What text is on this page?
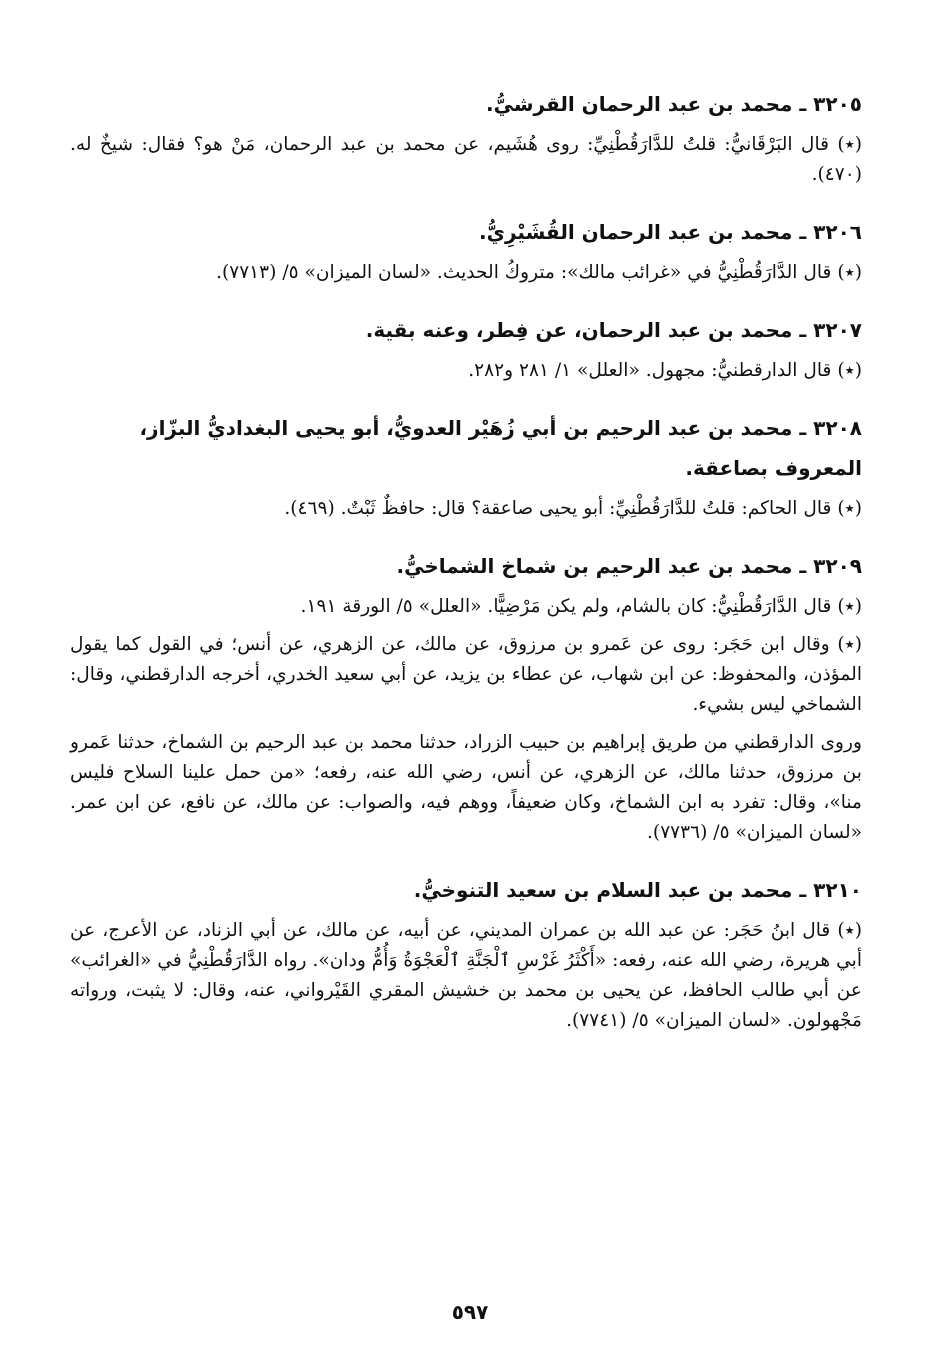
٣٢٠٥ ـ محمد بن عبد الرحمان القرشيُّ.

(٭) قال البَرْقَانيُّ: قلتُ للدَّارَقُطْنِيِّ: روى هُشَيم، عن محمد بن عبد الرحمان، مَنْ هو؟ فقال: شيخٌ له. (٤٧٠).

٣٢٠٦ ـ محمد بن عبد الرحمان القُشَيْرِيُّ.

(٭) قال الدَّارَقُطْنِيُّ في «غرائب مالك»: متروكُ الحديث. «لسان الميزان» ٥/ (٧٧١٣).

٣٢٠٧ ـ محمد بن عبد الرحمان، عن فِطر، وعنه بقية.

(٭) قال الدارقطنيُّ: مجهول. «العلل» ١/ ٢٨١ و٢٨٢.

٣٢٠٨ ـ محمد بن عبد الرحيم بن أبي زُهَيْر العدويُّ، أبو يحيى البغداديُّ البزّاز، المعروف بصاعقة.

(٭) قال الحاكم: قلتُ للدَّارَقُطْنِيِّ: أبو يحيى صاعقة؟ قال: حافظٌ ثَبْتٌ. (٤٦٩).

٣٢٠٩ ـ محمد بن عبد الرحيم بن شماخ الشماخيُّ.

(٭) قال الدَّارَقُطْنِيُّ: كان بالشام، ولم يكن مَرْضِيًّا. «العلل» ٥/ الورقة ١٩١.

(٭) وقال ابن حَجَر: روى عن عَمرو بن مرزوق، عن مالك، عن الزهري، عن أنس؛ في القول كما يقول المؤذن، والمحفوظ: عن ابن شهاب، عن عطاء بن يزيد، عن أبي سعيد الخدري، أخرجه الدارقطني، وقال: الشماخي ليس بشيء.

وروى الدارقطني من طريق إبراهيم بن حبيب الزراد، حدثنا محمد بن عبد الرحيم بن الشماخ، حدثنا عَمرو بن مرزوق، حدثنا مالك، عن الزهري، عن أنس، رضي الله عنه، رفعه؛ «من حمل علينا السلاح فليس منا»، وقال: تفرد به ابن الشماخ، وكان ضعيفاً، ووهم فيه، والصواب: عن مالك، عن نافع، عن ابن عمر. «لسان الميزان» ٥/ (٧٧٣٦).

٣٢١٠ ـ محمد بن عبد السلام بن سعيد التنوخيُّ.

(٭) قال ابنُ حَجَر: عن عبد الله بن عمران المديني، عن أبيه، عن مالك، عن أبي الزناد، عن الأعرج، عن أبي هريرة، رضي الله عنه، رفعه: «أَكْثَرُ غَرْسِ ٱلْجَنَّةِ ٱلْعَجْوَةُ وَأُمُّ ودان». رواه الدَّارَقُطْنِيُّ في «الغرائب» عن أبي طالب الحافظ، عن يحيى بن محمد بن خشيش المقري القَيْرواني، عنه، وقال: لا يثبت، ورواته مَجْهولون. «لسان الميزان» ٥/ (٧٧٤١).

٥٩٧
